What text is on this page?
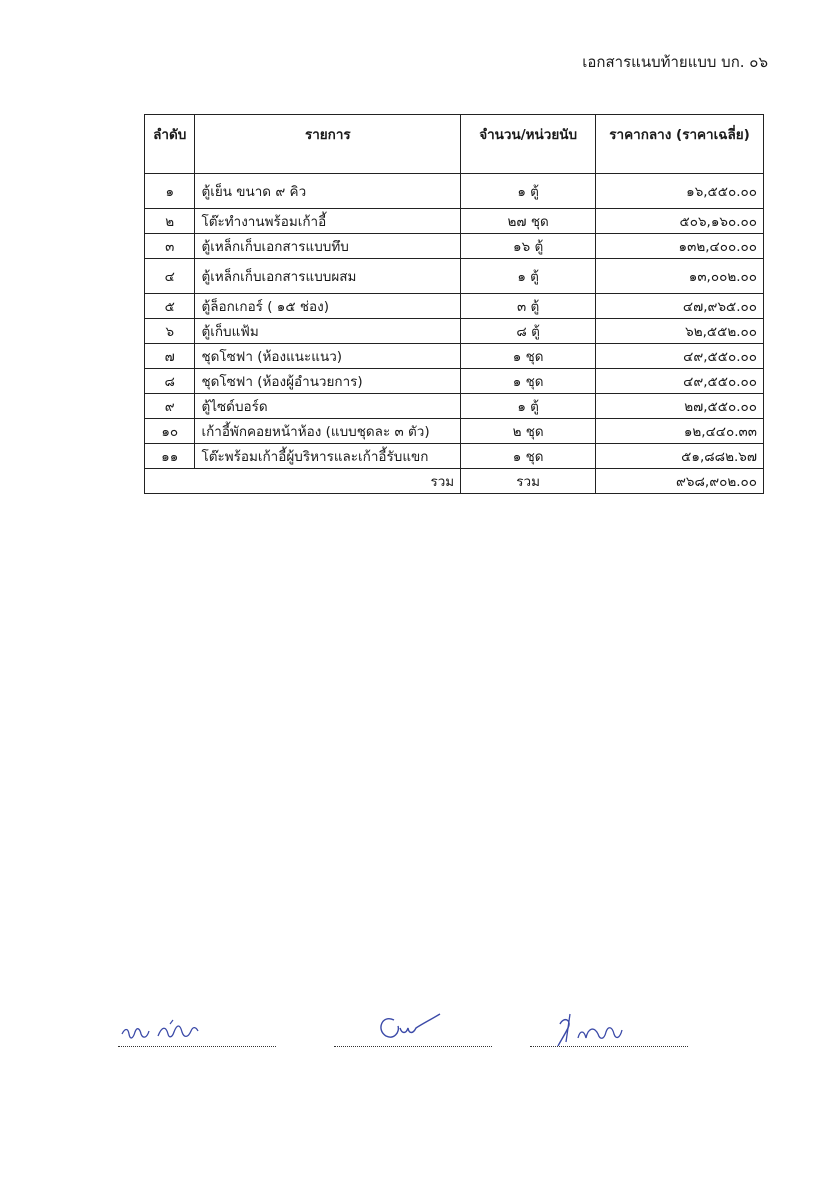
เอกสารแนบท้ายแบบ บก. ๐๖
ลำดับ	รายการ	จำนวน/หน่วยนับ	ราคากลาง (ราคาเฉลี่ย)
๑	ตู้เย็น ขนาด ๙ คิว	๑ ตู้	๑๖,๕๕๐.๐๐
๒	โต๊ะทำงานพร้อมเก้าอี้	๒๗ ชุด	๕๐๖,๑๖๐.๐๐
๓	ตู้เหล็กเก็บเอกสารแบบทึบ	๑๖ ตู้	๑๓๒,๔๐๐.๐๐
๔	ตู้เหล็กเก็บเอกสารแบบผสม	๑ ตู้	๑๓,๐๐๒.๐๐
๕	ตู้ล็อกเกอร์ ( ๑๕ ช่อง)	๓ ตู้	๔๗,๙๖๕.๐๐
๖	ตู้เก็บแฟ้ม	๘ ตู้	๖๒,๕๕๒.๐๐
๗	ชุดโซฟา (ห้องแนะแนว)	๑ ชุด	๔๙,๕๕๐.๐๐
๘	ชุดโซฟา (ห้องผู้อำนวยการ)	๑ ชุด	๔๙,๕๕๐.๐๐
๙	ตู้ไซด์บอร์ด	๑ ตู้	๒๗,๕๕๐.๐๐
๑๐	เก้าอี้พักคอยหน้าห้อง (แบบชุดละ ๓ ตัว)	๒ ชุด	๑๒,๔๔๐.๓๓
๑๑	โต๊ะพร้อมเก้าอี้ผู้บริหารและเก้าอี้รับแขก	๑ ชุด	๕๑,๘๘๒.๖๗
รวม		รวม	๙๖๘,๙๐๒.๐๐
